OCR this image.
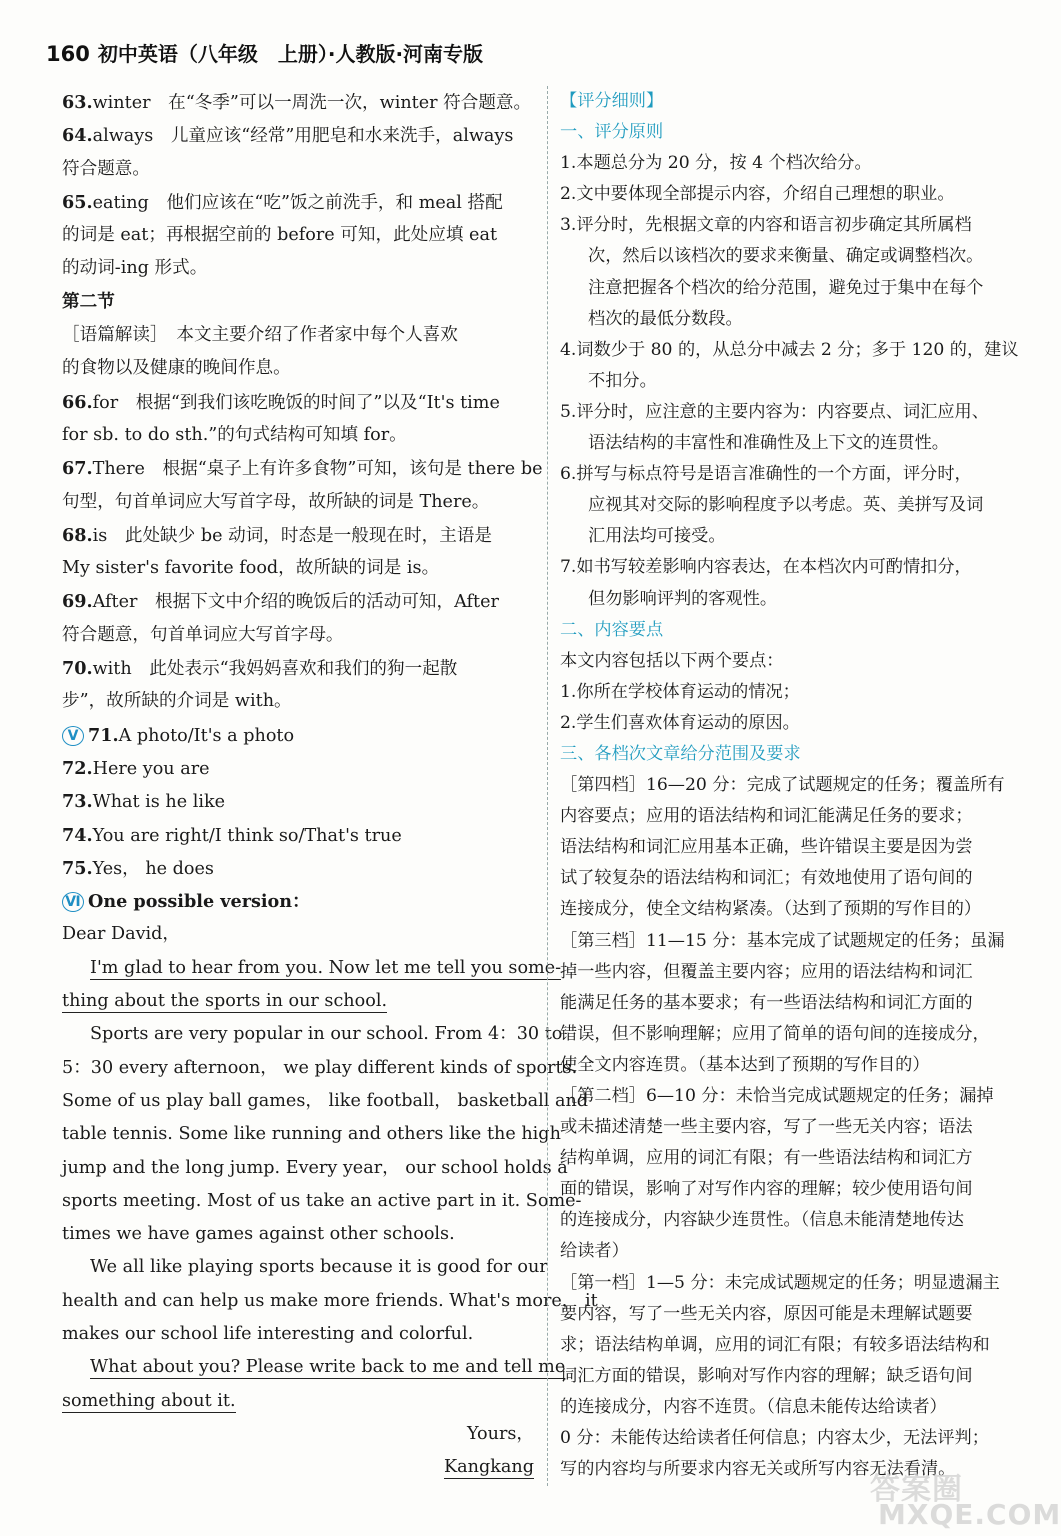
160 初中英语（八年级　上册）·人教版·河南专版
63.winter　在“冬季”可以一周洗一次，winter 符合题意。
64.always　儿童应该“经常”用肥皂和水来洗手，always
符合题意。
65.eating　他们应该在“吃”饭之前洗手，和 meal 搭配
的词是 eat；再根据空前的 before 可知，此处应填 eat
的动词-ing 形式。
第二节
［语篇解读］　本文主要介绍了作者家中每个人喜欢
的食物以及健康的晚间作息。
66.for　根据“到我们该吃晚饭的时间了”以及“It's time
for sb. to do sth.”的句式结构可知填 for。
67.There　根据“桌子上有许多食物”可知，该句是 there be
句型，句首单词应大写首字母，故所缺的词是 There。
68.is　此处缺少 be 动词，时态是一般现在时，主语是
My sister's favorite food，故所缺的词是 is。
69.After　根据下文中介绍的晚饭后的活动可知，After
符合题意，句首单词应大写首字母。
70.with　此处表示“我妈妈喜欢和我们的狗一起散
步”，故所缺的介词是 with。
Ⅴ 71.A photo/It's a photo
72.Here you are
73.What is he like
74.You are right/I think so/That's true
75.Yes， he does
Ⅵ One possible version：
Dear David，
I'm glad to hear from you. Now let me tell you some-
thing about the sports in our school.
Sports are very popular in our school. From 4：30 to
5：30 every afternoon， we play different kinds of sports.
Some of us play ball games， like football， basketball and
table tennis. Some like running and others like the high
jump and the long jump. Every year， our school holds a
sports meeting. Most of us take an active part in it. Some-
times we have games against other schools.
We all like playing sports because it is good for our
health and can help us make more friends. What's more， it
makes our school life interesting and colorful.
What about you? Please write back to me and tell me
something about it.
Yours，
Kangkang
【评分细则】
一、评分原则
1.本题总分为 20 分，按 4 个档次给分。
2.文中要体现全部提示内容，介绍自己理想的职业。
3.评分时，先根据文章的内容和语言初步确定其所属档
次，然后以该档次的要求来衡量、确定或调整档次。
注意把握各个档次的给分范围，避免过于集中在每个
档次的最低分数段。
4.词数少于 80 的，从总分中减去 2 分；多于 120 的，建议
不扣分。
5.评分时，应注意的主要内容为：内容要点、词汇应用、
语法结构的丰富性和准确性及上下文的连贯性。
6.拼写与标点符号是语言准确性的一个方面，评分时，
应视其对交际的影响程度予以考虑。英、美拼写及词
汇用法均可接受。
7.如书写较差影响内容表达，在本档次内可酌情扣分，
但勿影响评判的客观性。
二、内容要点
本文内容包括以下两个要点：
1.你所在学校体育运动的情况；
2.学生们喜欢体育运动的原因。
三、各档次文章给分范围及要求
［第四档］16—20 分：完成了试题规定的任务；覆盖所有
内容要点；应用的语法结构和词汇能满足任务的要求；
语法结构和词汇应用基本正确，些许错误主要是因为尝
试了较复杂的语法结构和词汇；有效地使用了语句间的
连接成分，使全文结构紧凑。（达到了预期的写作目的）
［第三档］11—15 分：基本完成了试题规定的任务；虽漏
掉一些内容，但覆盖主要内容；应用的语法结构和词汇
能满足任务的基本要求；有一些语法结构和词汇方面的
错误，但不影响理解；应用了简单的语句间的连接成分，
使全文内容连贯。（基本达到了预期的写作目的）
［第二档］6—10 分：未恰当完成试题规定的任务；漏掉
或未描述清楚一些主要内容，写了一些无关内容；语法
结构单调，应用的词汇有限；有一些语法结构和词汇方
面的错误，影响了对写作内容的理解；较少使用语句间
的连接成分，内容缺少连贯性。（信息未能清楚地传达
给读者）
［第一档］1—5 分：未完成试题规定的任务；明显遗漏主
要内容，写了一些无关内容，原因可能是未理解试题要
求；语法结构单调，应用的词汇有限；有较多语法结构和
词汇方面的错误，影响对写作内容的理解；缺乏语句间
的连接成分，内容不连贯。（信息未能传达给读者）
0 分：未能传达给读者任何信息；内容太少，无法评判；
写的内容均与所要求内容无关或所写内容无法看清。
答案圈
MXQE.COM
